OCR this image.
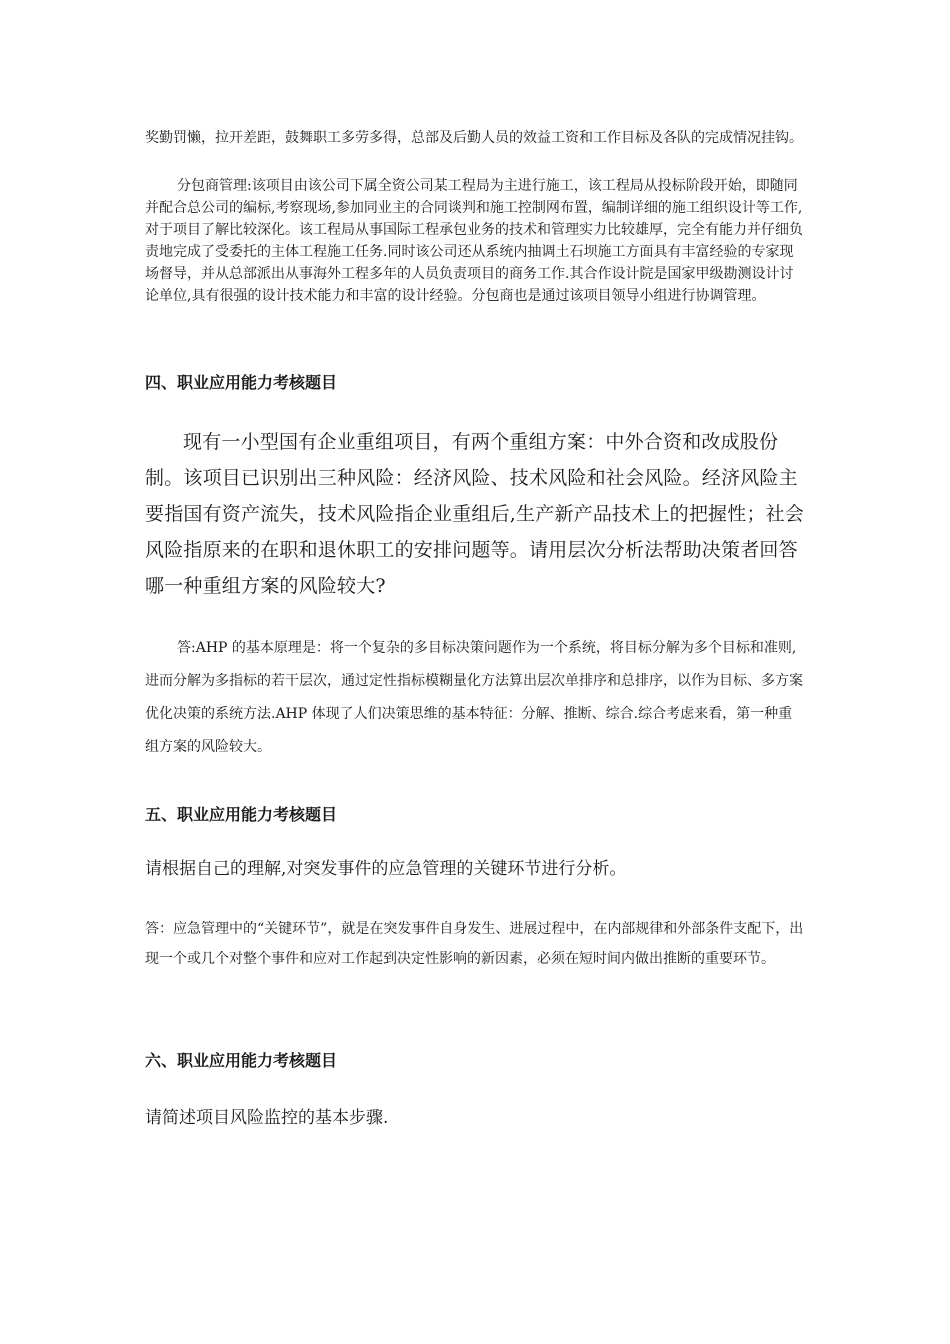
奖勤罚懒，拉开差距，鼓舞职工多劳多得，总部及后勤人员的效益工资和工作目标及各队的完成情况挂钩。

分包商管理:该项目由该公司下属全资公司某工程局为主进行施工，该工程局从投标阶段开始，即随同并配合总公司的编标,考察现场,参加同业主的合同谈判和施工控制网布置，编制详细的施工组织设计等工作,对于项目了解比较深化。该工程局从事国际工程承包业务的技术和管理实力比较雄厚，完全有能力并仔细负责地完成了受委托的主体工程施工任务.同时该公司还从系统内抽调土石坝施工方面具有丰富经验的专家现场督导，并从总部派出从事海外工程多年的人员负责项目的商务工作.其合作设计院是国家甲级勘测设计讨论单位,具有很强的设计技术能力和丰富的设计经验。分包商也是通过该项目领导小组进行协调管理。

四、职业应用能力考核题目

现有一小型国有企业重组项目，有两个重组方案：中外合资和改成股份制。该项目已识别出三种风险：经济风险、技术风险和社会风险。经济风险主要指国有资产流失，技术风险指企业重组后,生产新产品技术上的把握性；社会风险指原来的在职和退休职工的安排问题等。请用层次分析法帮助决策者回答哪一种重组方案的风险较大?

答:AHP 的基本原理是：将一个复杂的多目标决策问题作为一个系统，将目标分解为多个目标和准则,进而分解为多指标的若干层次，通过定性指标模糊量化方法算出层次单排序和总排序，以作为目标、多方案优化决策的系统方法.AHP 体现了人们决策思维的基本特征：分解、推断、综合.综合考虑来看，第一种重组方案的风险较大。

五、职业应用能力考核题目

请根据自己的理解,对突发事件的应急管理的关键环节进行分析。

答：应急管理中的“关键环节”，就是在突发事件自身发生、进展过程中，在内部规律和外部条件支配下，出现一个或几个对整个事件和应对工作起到决定性影响的新因素，必须在短时间内做出推断的重要环节。

六、职业应用能力考核题目

请简述项目风险监控的基本步骤.
